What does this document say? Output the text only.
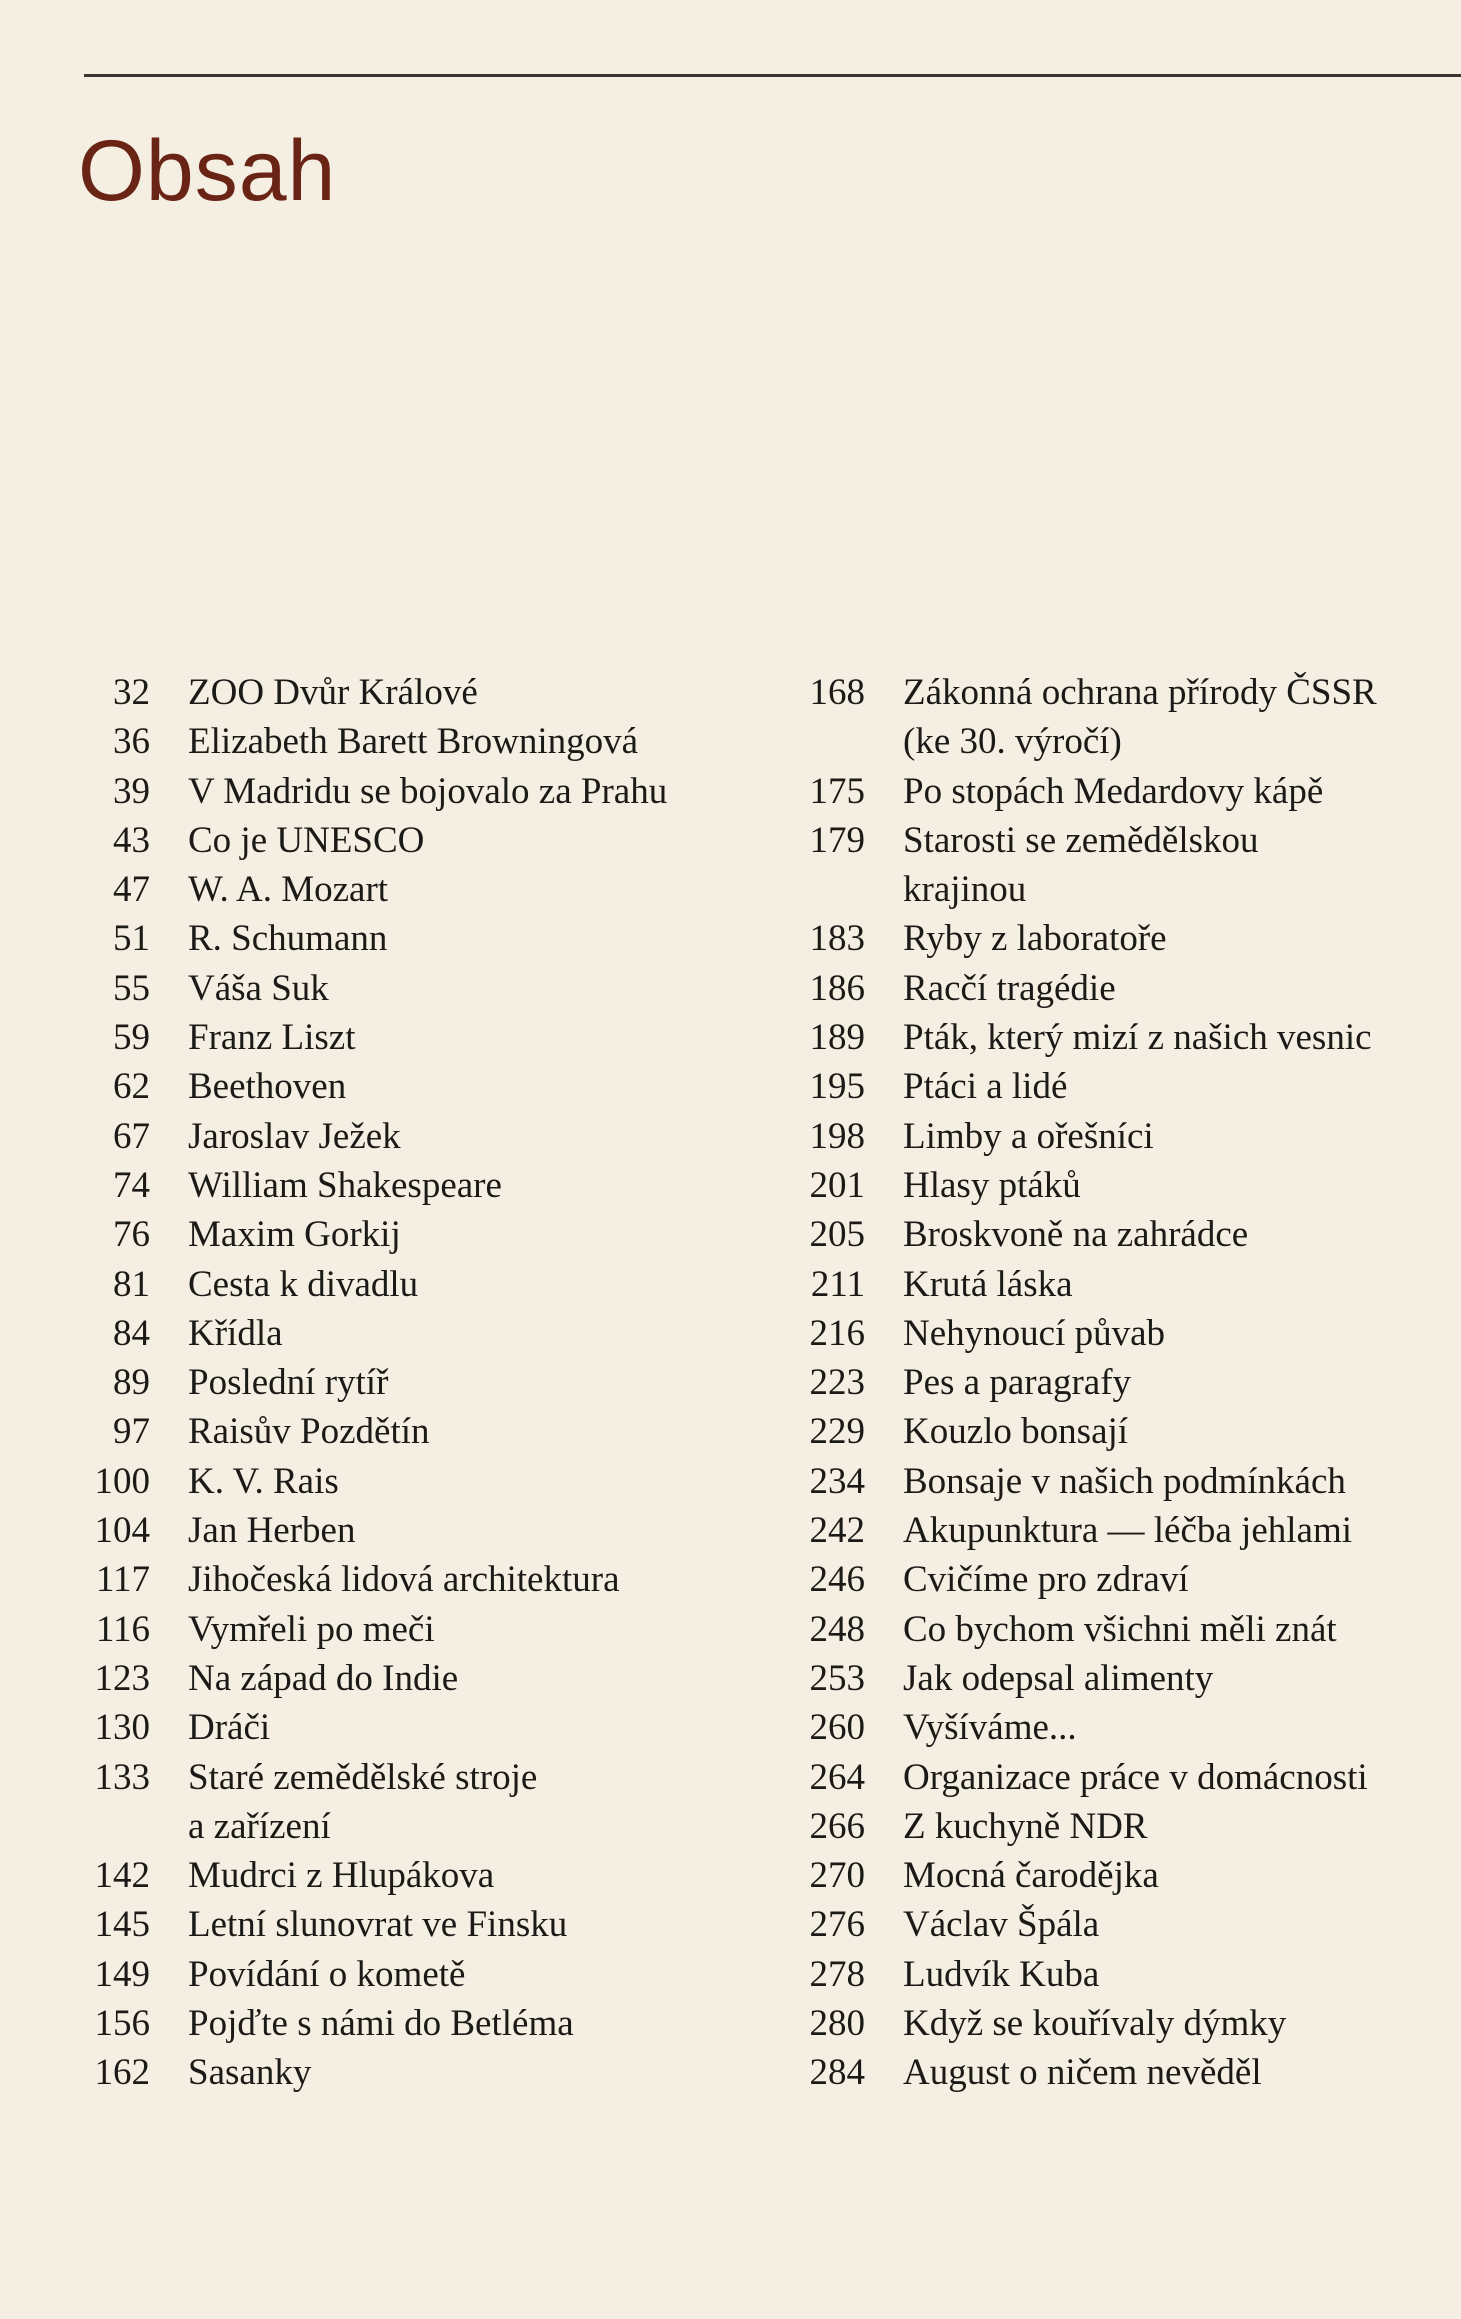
Obsah
32 ZOO Dvůr Králové
36 Elizabeth Barett Browningová
39 V Madridu se bojovalo za Prahu
43 Co je UNESCO
47 W. A. Mozart
51 R. Schumann
55 Váša Suk
59 Franz Liszt
62 Beethoven
67 Jaroslav Ježek
74 William Shakespeare
76 Maxim Gorkij
81 Cesta k divadlu
84 Křídla
89 Poslední rytíř
97 Raisův Pozdětín
100 K. V. Rais
104 Jan Herben
117 Jihočeská lidová architektura
116 Vymřeli po meči
123 Na západ do Indie
130 Dráči
133 Staré zemědělské stroje
a zařízení
142 Mudrci z Hlupákova
145 Letní slunovrat ve Finsku
149 Povídání o kometě
156 Pojďte s námi do Betléma
162 Sasanky
168 Zákonná ochrana přírody ČSSR
(ke 30. výročí)
175 Po stopách Medardovy kápě
179 Starosti se zemědělskou
krajinou
183 Ryby z laboratoře
186 Racčí tragédie
189 Pták, který mizí z našich vesnic
195 Ptáci a lidé
198 Limby a ořešníci
201 Hlasy ptáků
205 Broskvoně na zahrádce
211 Krutá láska
216 Nehynoucí půvab
223 Pes a paragrafy
229 Kouzlo bonsají
234 Bonsaje v našich podmínkách
242 Akupunktura — léčba jehlami
246 Cvičíme pro zdraví
248 Co bychom všichni měli znát
253 Jak odepsal alimenty
260 Vyšíváme...
264 Organizace práce v domácnosti
266 Z kuchyně NDR
270 Mocná čarodějka
276 Václav Špála
278 Ludvík Kuba
280 Když se kouřívaly dýmky
284 August o ničem nevěděl
